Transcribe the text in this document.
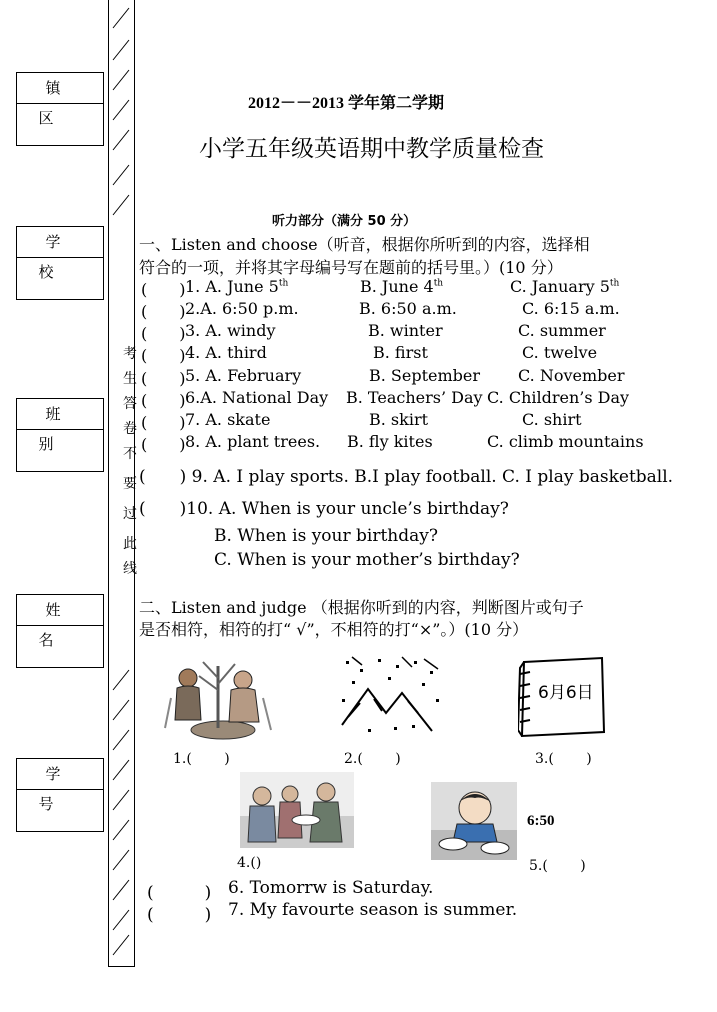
镇 区
学 校
班 别
姓 名
学 号
考
生
答
卷
不
要
过
此
线
2012－－2013 学年第二学期
小学五年级英语期中教学质量检查
听力部分（满分 50 分）
一、Listen and choose（听音，根据你所听到的内容，选择相
符合的一项，并将其字母编号写在题前的括号里。）(10 分）
(　　) 1. A. June 5th	B. June 4th	C. January 5th
(　　) 2.A. 6:50 p.m.	B. 6:50 a.m.	C. 6:15 a.m.
(　　) 3. A. windy	B. winter	C. summer
(　　) 4. A. third	B. first	C. twelve
(　　) 5. A. February	B. September C. November
(　　) 6.A. National Day B. Teachers’ Day C. Children’s Day
(　　) 7. A. skate	B. skirt	C. shirt
(　　) 8. A. plant trees. B. fly kites	C. climb mountains
(　　) 9. A. I play sports. B.I play football. C. I play basketball.
(　　)10. A. When is your uncle’s birthday?
B. When is your birthday?
C. When is your mother’s birthday?
二、Listen and judge （根据你听到的内容，判断图片或句子
是否相符，相符的打“ √”，不相符的打“×”。）(10 分）
6月6日
1.(　　 )	2.(　　 )	3.(　　 )
6:50
4.()	5.(　　 )
(　　　) 6. Tomorrw is Saturday.
(　　　) 7. My favourte season is summer.
